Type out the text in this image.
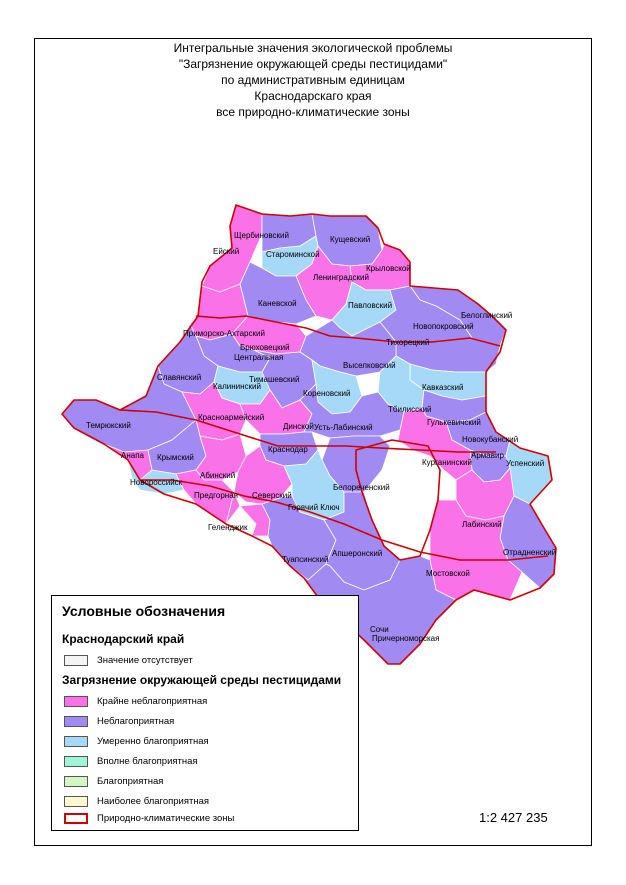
Интегральные значения экологической проблемы
"Загрязнение окружающей среды пестицидами"
по административным единицам
Краснодарскаго края
все природно-климатические зоны
Ейский
Щербиновский	Кущевский
Староминской
Крыловской
Ленинградский
Каневской	Павловский
Белоглинский
Новопокровский
Приморско-Ахтарский
Брюховецкий
Тихорецкий
Центральная
Славянский
Калининский
Тимашевский
Выселковский
Кавказский
Кореновский
Тбилисский
Гулькевичский
Темрюкский
Красноармейский
Динской Усть-Лабинский
Новокубанский
Краснодар
Армавир
Успенский
Анапа Крымский
Курганинский
Новороссийск
Абинский
Белореченский
Предгорная Северский
Горячий Ключ
Лабинский
Геленджик
Отрадненский
Туапсинский
Апшеронский
Мостовской
Сочи
Причерноморская
Условные обозначения
Краснодарский край
Значение отсутствует
Загрязнение окружающей среды пестицидами
Крайне неблагоприятная
Неблагоприятная
Умеренно благоприятная
Вполне благоприятная
Благоприятная
Наиболее благоприятная
Природно-климатические зоны	1:2 427 235
